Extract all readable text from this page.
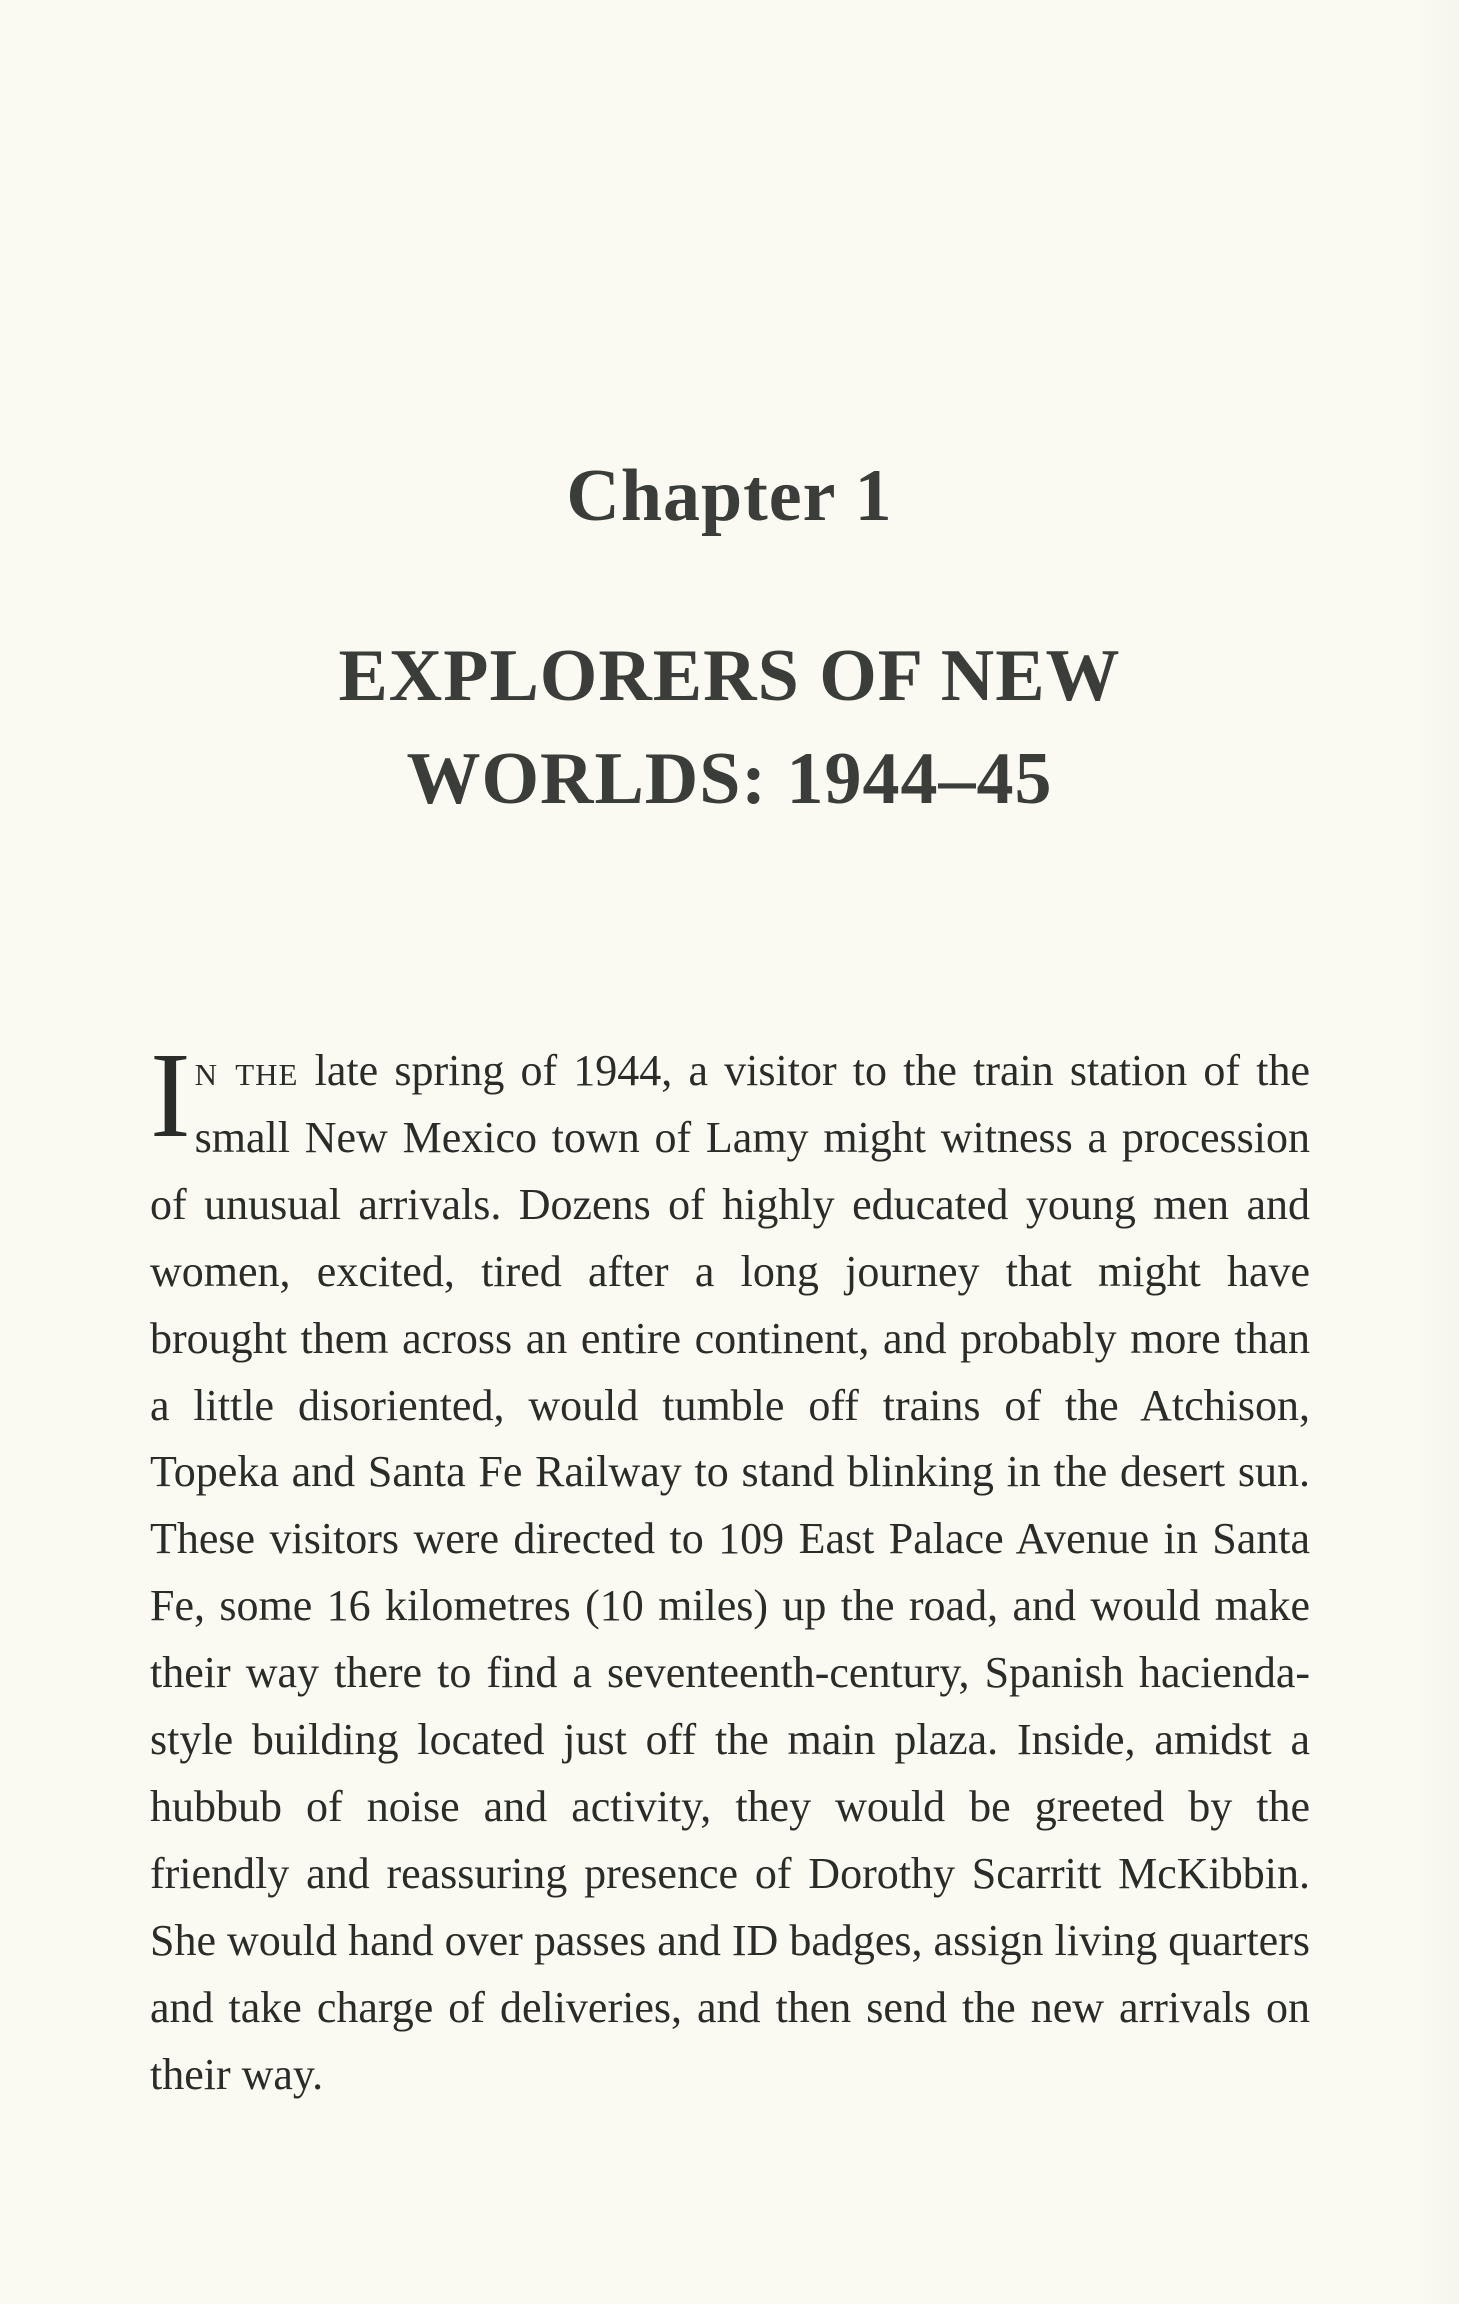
Chapter 1
EXPLORERS OF NEW
WORLDS: 1944–45

In the late spring of 1944, a visitor to the train station of the small New Mexico town of Lamy might witness a procession of unusual arrivals. Dozens of highly educated young men and women, excited, tired after a long journey that might have brought them across an entire continent, and probably more than a little disoriented, would tumble off trains of the Atchison, Topeka and Santa Fe Railway to stand blinking in the desert sun. These visitors were directed to 109 East Palace Avenue in Santa Fe, some 16 kilometres (10 miles) up the road, and would make their way there to find a seventeenth-century, Spanish hacienda-style building located just off the main plaza. Inside, amidst a hubbub of noise and activity, they would be greeted by the friendly and reassuring presence of Dorothy Scarritt McKibbin. She would hand over passes and ID badges, assign living quarters and take charge of deliveries, and then send the new arrivals on their way.
